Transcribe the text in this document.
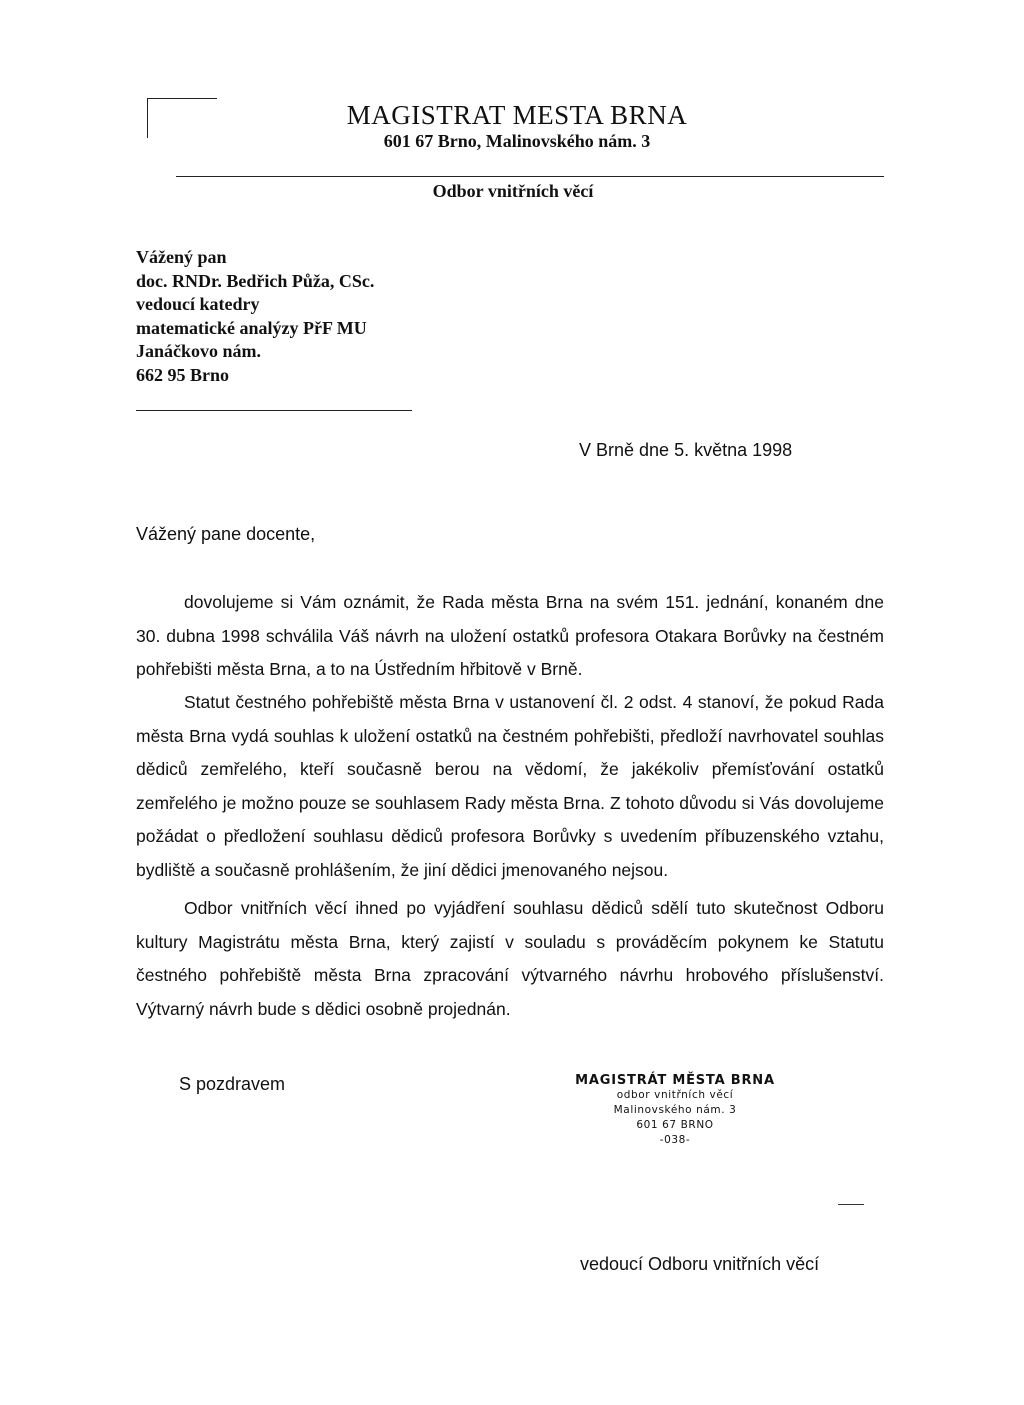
MAGISTRAT MESTA BRNA
601 67 Brno, Malinovského nám. 3
Odbor vnitřních věcí
Vážený pan
doc. RNDr. Bedřich Půža, CSc.
vedoucí katedry
matematické analýzy PřF MU
Janáčkovo nám.
662 95 Brno
V Brně dne 5. května 1998
Vážený pane docente,

dovolujeme si Vám oznámit, že Rada města Brna na svém 151. jednání, konaném dne 30. dubna 1998 schválila Váš návrh na uložení ostatků profesora Otakara Borůvky na čestném pohřebišti města Brna, a to na Ústředním hřbitově v Brně.

Statut čestného pohřebiště města Brna v ustanovení čl. 2 odst. 4 stanoví, že pokud Rada města Brna vydá souhlas k uložení ostatků na čestném pohřebišti, předloží navrhovatel souhlas dědiců zemřelého, kteří současně berou na vědomí, že jakékoliv přemísťování ostatků zemřelého je možno pouze se souhlasem Rady města Brna. Z tohoto důvodu si Vás dovolujeme požádat o předložení souhlasu dědiců profesora Borůvky s uvedením příbuzenského vztahu, bydliště a současně prohlášením, že jiní dědici jmenovaného nejsou.

Odbor vnitřních věcí ihned po vyjádření souhlasu dědiců sdělí tuto skutečnost Odboru kultury Magistrátu města Brna, který zajistí v souladu s prováděcím pokynem ke Statutu čestného pohřebiště města Brna zpracování výtvarného návrhu hrobového příslušenství. Výtvarný návrh bude s dědici osobně projednán.

S pozdravem	MAGISTRÁT MĚSTA BRNA
odbor vnitřních věcí
Malinovského nám. 3
601 67 BRNO
-038-
vedoucí Odboru vnitřních věcí
